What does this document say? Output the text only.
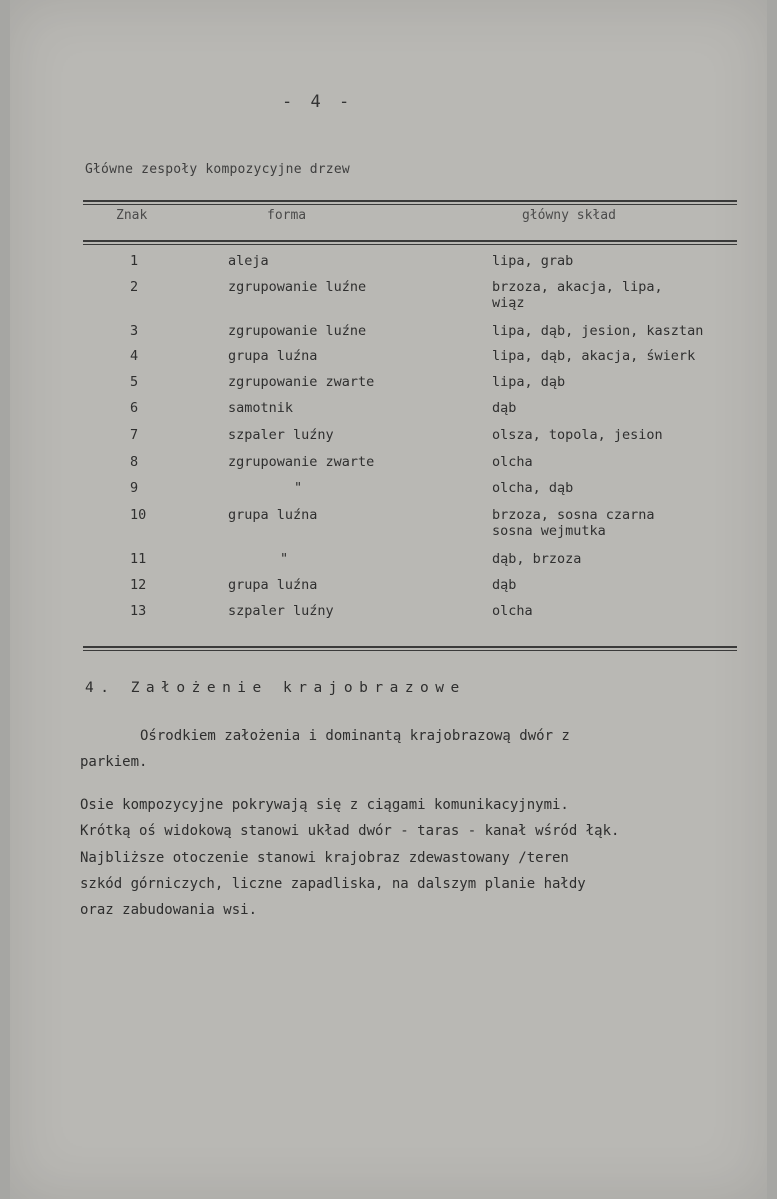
- 4 -
Główne zespoły kompozycyjne drzew
Znak	forma	główny skład
1	aleja	lipa, grab
2	zgrupowanie luźne	brzoza, akacja, lipa,
wiąz
3	zgrupowanie luźne	lipa, dąb, jesion, kasztan
4	grupa luźna	lipa, dąb, akacja, świerk
5	zgrupowanie zwarte	lipa, dąb
6	samotnik	dąb
7	szpaler luźny	olsza, topola, jesion
8	zgrupowanie zwarte	olcha
9	"	olcha, dąb
10	grupa luźna	brzoza, sosna czarna
sosna wejmutka
11	"	dąb, brzoza
12	grupa luźna	dąb
13	szpaler luźny	olcha
4. Założenie krajobrazowe

Ośrodkiem założenia i dominantą krajobrazową dwór z

parkiem.

Osie kompozycyjne pokrywają się z ciągami komunikacyjnymi.

Krótką oś widokową stanowi układ dwór - taras - kanał wśród łąk.

Najbliższe otoczenie stanowi krajobraz zdewastowany /teren

szkód górniczych, liczne zapadliska, na dalszym planie hałdy

oraz zabudowania wsi.
